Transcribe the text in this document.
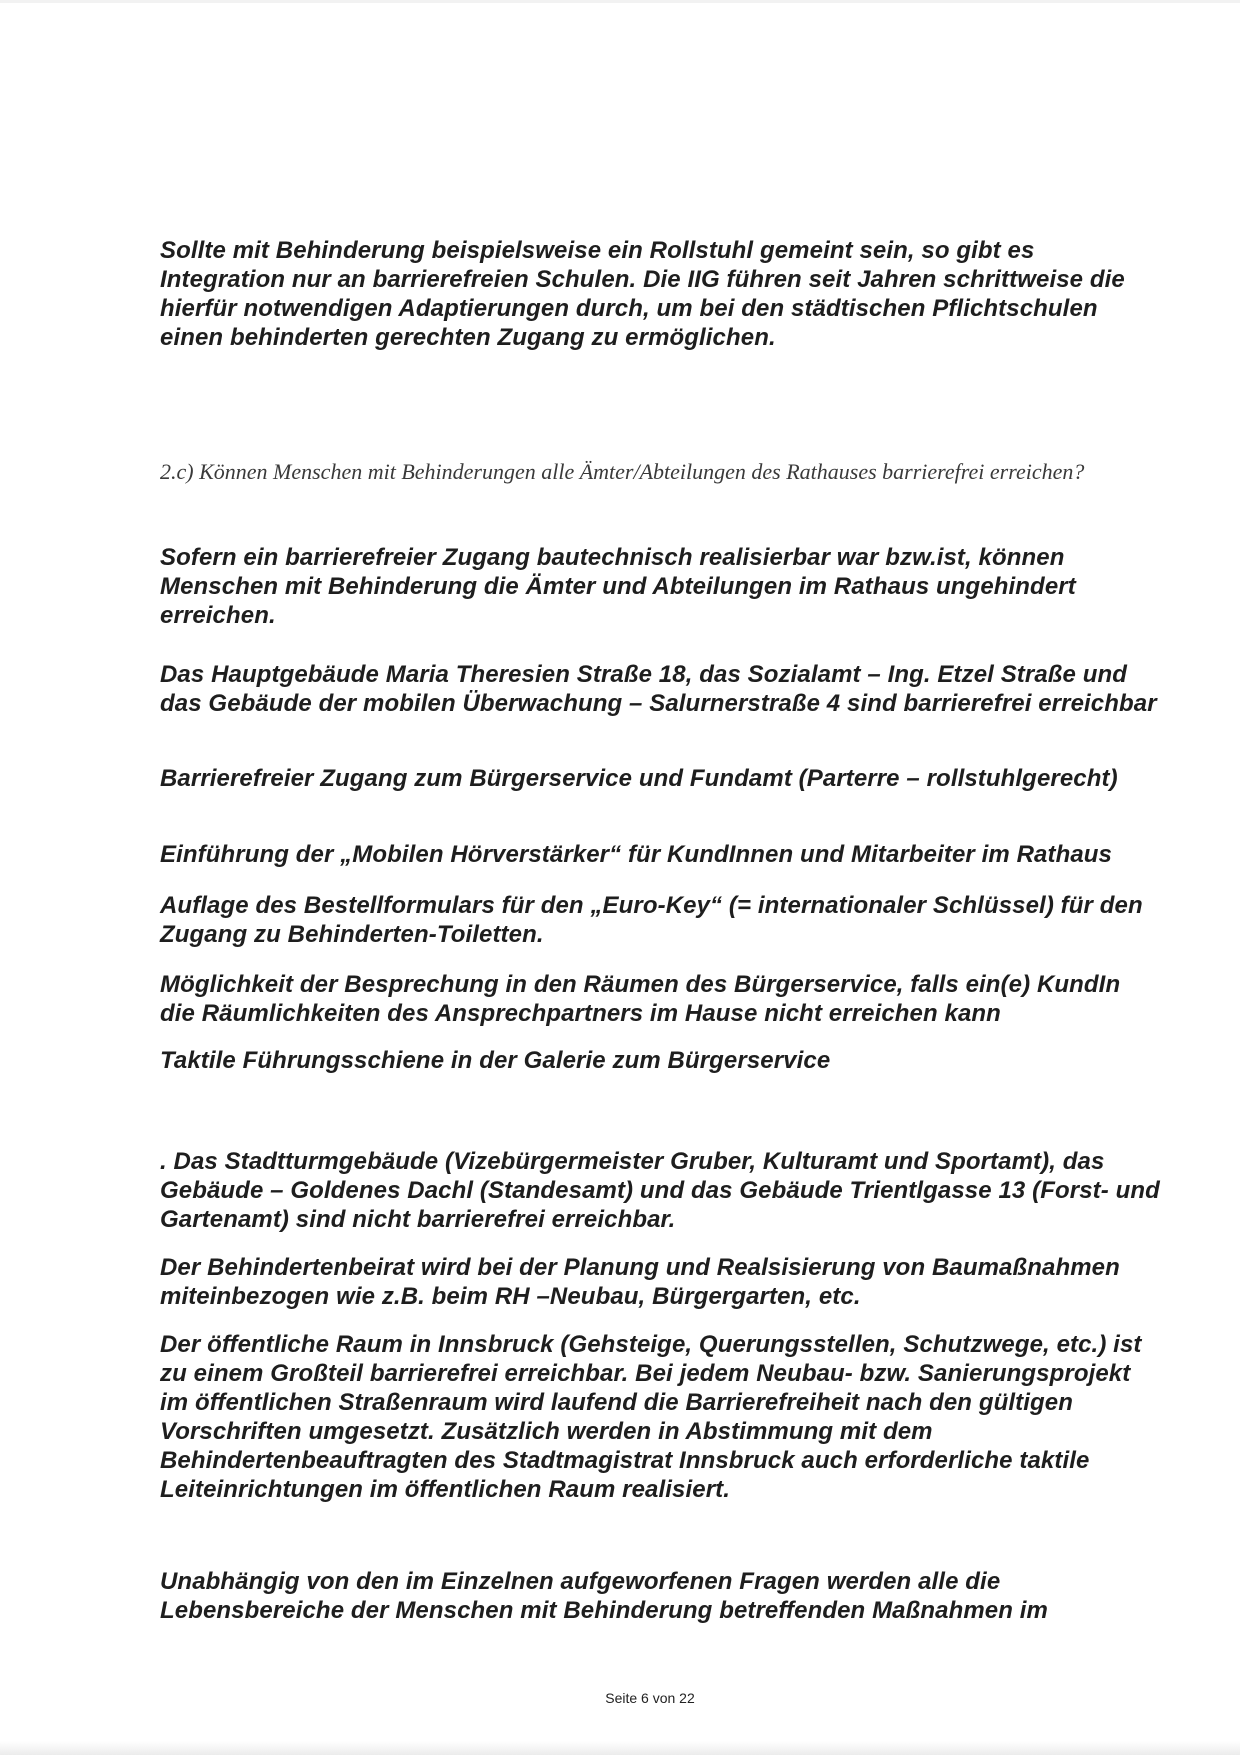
Sollte mit Behinderung beispielsweise ein Rollstuhl gemeint sein, so gibt es Integration nur an barrierefreien Schulen. Die IIG führen seit Jahren schrittweise die hierfür notwendigen Adaptierungen durch, um bei den städtischen Pflichtschulen einen behinderten gerechten Zugang zu ermöglichen.

2.c) Können Menschen mit Behinderungen alle Ämter/Abteilungen des Rathauses barrierefrei erreichen?

Sofern ein barrierefreier Zugang bautechnisch realisierbar war bzw.ist, können Menschen mit Behinderung die Ämter und Abteilungen im Rathaus ungehindert erreichen.

Das Hauptgebäude Maria Theresien Straße 18, das Sozialamt – Ing. Etzel Straße und das Gebäude der mobilen Überwachung – Salurnerstraße 4 sind barrierefrei erreichbar

Barrierefreier Zugang zum Bürgerservice und Fundamt (Parterre – rollstuhlgerecht)

Einführung der „Mobilen Hörverstärker“ für KundInnen und Mitarbeiter im Rathaus

Auflage des Bestellformulars für den „Euro-Key“ (= internationaler Schlüssel) für den Zugang zu Behinderten-Toiletten.

Möglichkeit der Besprechung in den Räumen des Bürgerservice, falls ein(e) KundIn die Räumlichkeiten des Ansprechpartners im Hause nicht erreichen kann

Taktile Führungsschiene in der Galerie zum Bürgerservice

. Das Stadtturmgebäude (Vizebürgermeister Gruber, Kulturamt und Sportamt), das Gebäude – Goldenes Dachl (Standesamt) und das Gebäude Trientlgasse 13 (Forst- und Gartenamt) sind nicht barrierefrei erreichbar.

Der Behindertenbeirat wird bei der Planung und Realsisierung von Baumaßnahmen miteinbezogen wie z.B. beim RH –Neubau, Bürgergarten, etc.

Der öffentliche Raum in Innsbruck (Gehsteige, Querungsstellen, Schutzwege, etc.) ist zu einem Großteil barrierefrei erreichbar. Bei jedem Neubau- bzw. Sanierungsprojekt im öffentlichen Straßenraum wird laufend die Barrierefreiheit nach den gültigen Vorschriften umgesetzt. Zusätzlich werden in Abstimmung mit dem Behindertenbeauftragten des Stadtmagistrat Innsbruck auch erforderliche taktile Leiteinrichtungen im öffentlichen Raum realisiert.

Unabhängig von den im Einzelnen aufgeworfenen Fragen werden alle die Lebensbereiche der Menschen mit Behinderung betreffenden Maßnahmen im

Seite 6 von 22
